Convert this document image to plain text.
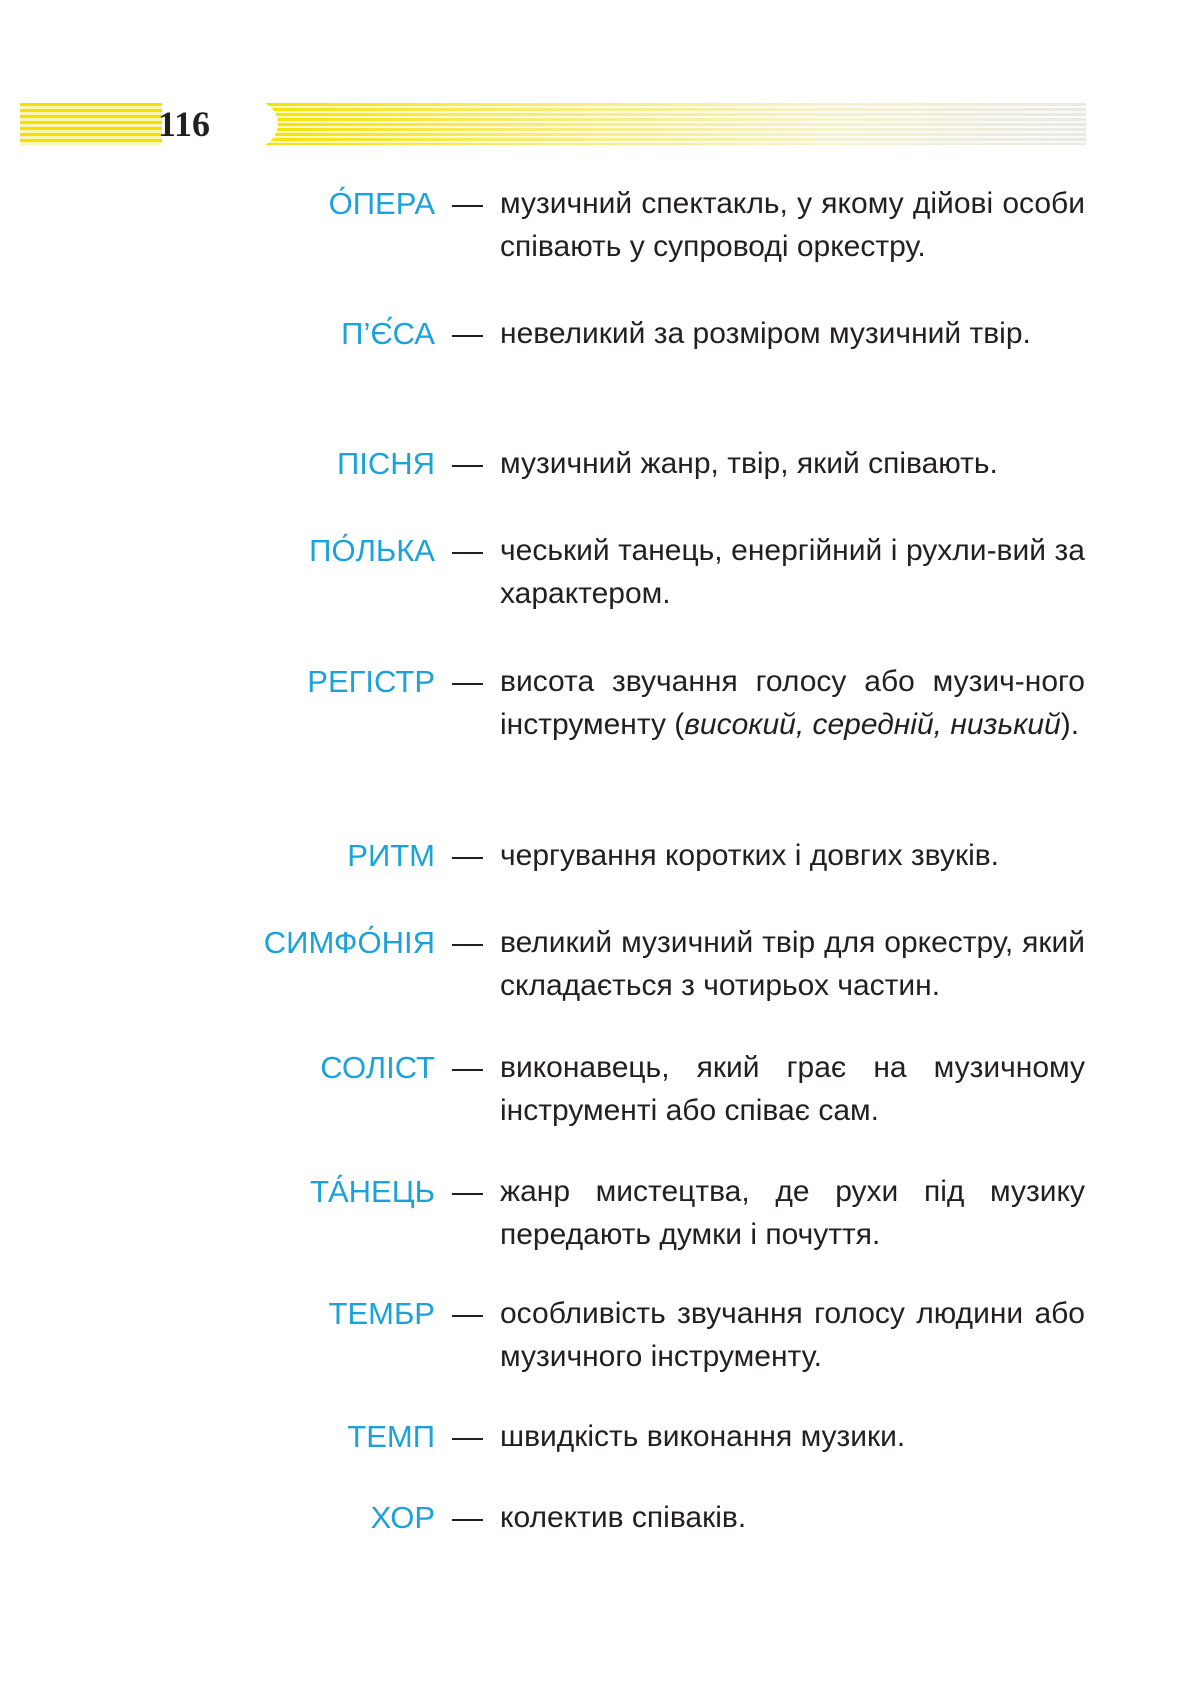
116
О́ПЕРА — музичний спектакль, у якому дійові особи співають у супроводі оркестру.
П’Є́СА — невеликий за розміром музичний твір.
ПІСНЯ — музичний жанр, твір, який співають.
ПО́ЛЬКА — чеський танець, енергійний і рухли-вий за характером.
РЕГІСТР — висота звучання голосу або музич-ного інструменту (високий, середній, низький).
РИТМ — чергування коротких і довгих звуків.
СИМФО́НІЯ — великий музичний твір для оркестру, який складається з чотирьох частин.
СОЛІСТ — виконавець, який грає на музичному інструменті або співає сам.
ТА́НЕЦЬ — жанр мистецтва, де рухи під музику передають думки і почуття.
ТЕМБР — особливість звучання голосу людини або музичного інструменту.
ТЕМП — швидкість виконання музики.
ХОР — колектив співаків.
